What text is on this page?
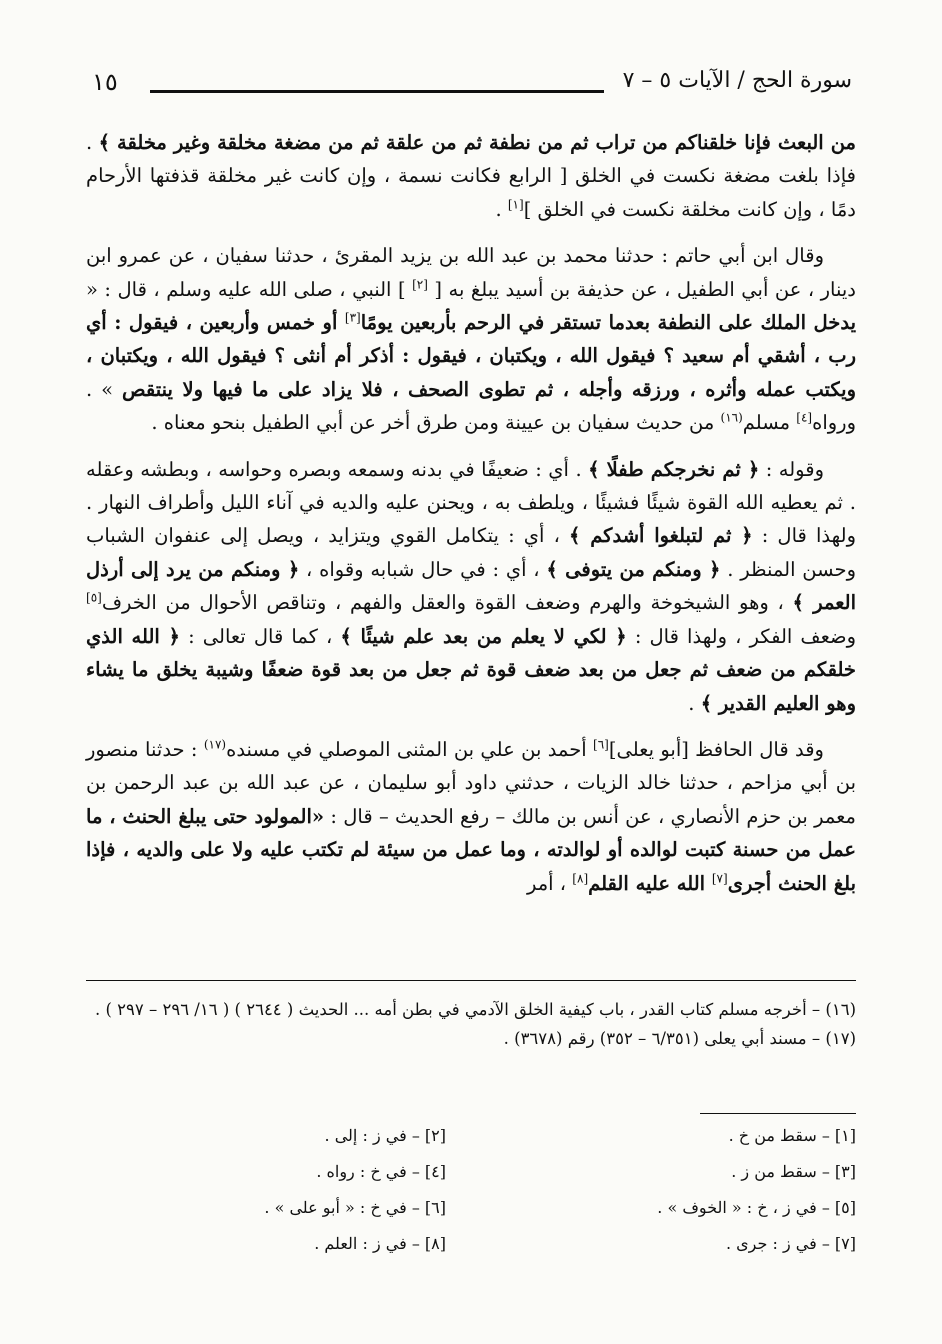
١٥	سورة الحج / الآيات ٥ – ٧

من البعث فإنا خلقناكم من تراب ثم من نطفة ثم من علقة ثم من مضغة مخلقة وغير مخلقة ﴾ . فإذا بلغت مضغة نكست في الخلق [ الرابع فكانت نسمة ، وإن كانت غير مخلقة قذفتها الأرحام دمًا ، وإن كانت مخلقة نكست في الخلق ][١] .

وقال ابن أبي حاتم : حدثنا محمد بن عبد الله بن يزيد المقرئ ، حدثنا سفيان ، عن عمرو ابن دينار ، عن أبي الطفيل ، عن حذيفة بن أسيد يبلغ به [ [٢] ] النبي ، صلى الله عليه وسلم ، قال : « يدخل الملك على النطفة بعدما تستقر في الرحم بأربعين يومًا[٣] أو خمس وأربعين ، فيقول : أي رب ، أشقي أم سعيد ؟ فيقول الله ، ويكتبان ، فيقول : أذكر أم أنثى ؟ فيقول الله ، ويكتبان ، ويكتب عمله وأثره ، ورزقه وأجله ، ثم تطوى الصحف ، فلا يزاد على ما فيها ولا ينتقص » . ورواه[٤] مسلم$^{(١٦)}$ من حديث سفيان بن عيينة ومن طرق أخر عن أبي الطفيل بنحو معناه .

وقوله : ﴿ ثم نخرجكم طفلًا ﴾ . أي : ضعيفًا في بدنه وسمعه وبصره وحواسه ، وبطشه وعقله . ثم يعطيه الله القوة شيئًا فشيئًا ، ويلطف به ، ويحنن عليه والديه في آناء الليل وأطراف النهار . ولهذا قال : ﴿ ثم لتبلغوا أشدكم ﴾ ، أي : يتكامل القوي ويتزايد ، ويصل إلى عنفوان الشباب وحسن المنظر . ﴿ ومنكم من يتوفى ﴾ ، أي : في حال شبابه وقواه ، ﴿ ومنكم من يرد إلى أرذل العمر ﴾ ، وهو الشيخوخة والهرم وضعف القوة والعقل والفهم ، وتناقص الأحوال من الخرف[٥] وضعف الفكر ، ولهذا قال : ﴿ لكي لا يعلم من بعد علم شيئًا ﴾ ، كما قال تعالى : ﴿ الله الذي خلقكم من ضعف ثم جعل من بعد ضعف قوة ثم جعل من بعد قوة ضعفًا وشيبة يخلق ما يشاء وهو العليم القدير ﴾ .

وقد قال الحافظ [أبو يعلى][٦] أحمد بن علي بن المثنى الموصلي في مسنده$^{(١٧)}$ : حدثنا منصور بن أبي مزاحم ، حدثنا خالد الزيات ، حدثني داود أبو سليمان ، عن عبد الله بن عبد الرحمن بن معمر بن حزم الأنصاري ، عن أنس بن مالك – رفع الحديث – قال : «المولود حتى يبلغ الحنث ، ما عمل من حسنة كتبت لوالده أو لوالدته ، وما عمل من سيئة لم تكتب عليه ولا على والديه ، فإذا بلغ الحنث أجرى[٧] الله عليه القلم[٨] ، أمر

(١٦) – أخرجه مسلم كتاب القدر ، باب كيفية الخلق الآدمي في بطن أمه ... الحديث ( ٢٦٤٤ ) ( ١٦/ ٢٩٦ – ٢٩٧ ) .

(١٧) – مسند أبي يعلى (٦/٣٥١ – ٣٥٢) رقم (٣٦٧٨) .

[١] – سقط من خ .
[٢] – في ز : إلى .
[٣] – سقط من ز .
[٤] – في خ : رواه .
[٥] – في ز ، خ : « الخوف » .
[٦] – في خ : « أبو على » .
[٧] – في ز : جرى .
[٨] – في ز : العلم .
